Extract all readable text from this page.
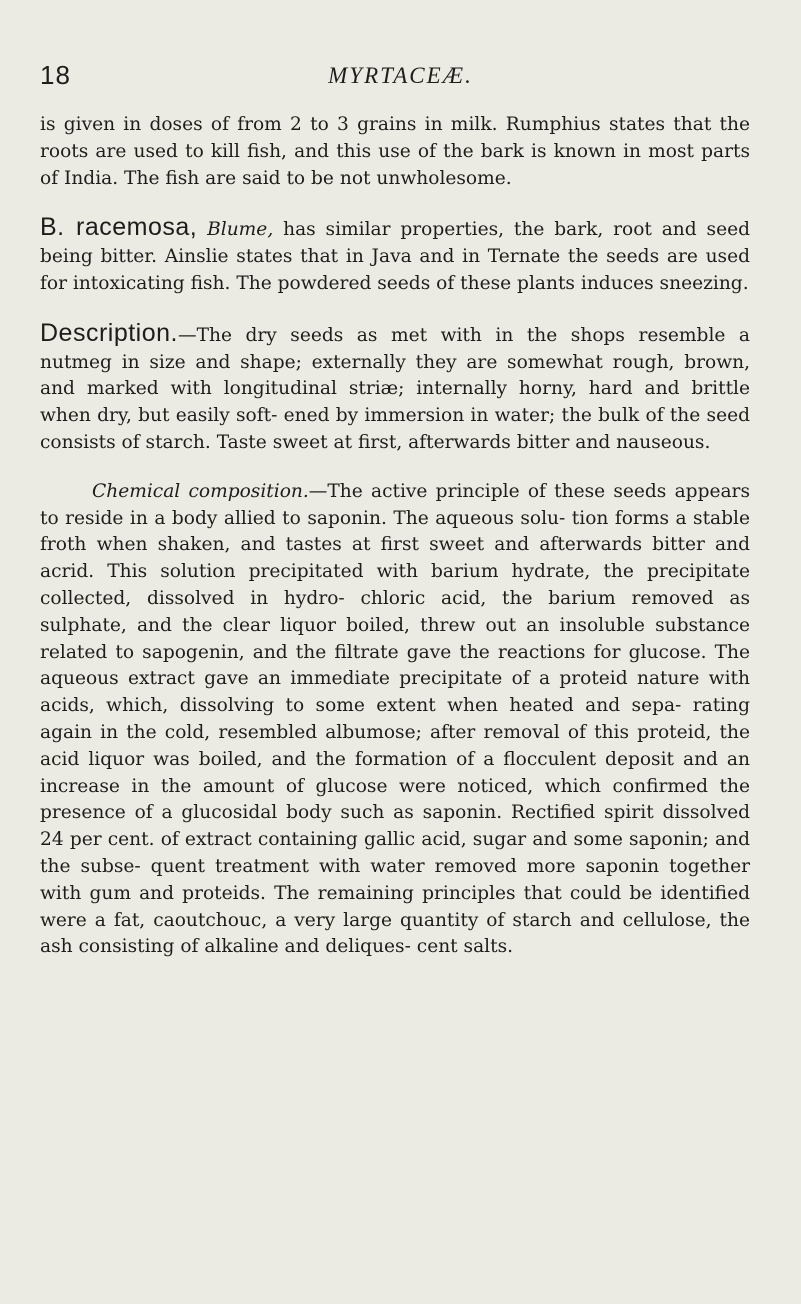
18	MYRTACEÆ.

is given in doses of from 2 to 3 grains in milk. Rumphius states that the roots are used to kill fish, and this use of the bark is known in most parts of India. The fish are said to be not unwholesome.

B. racemosa, Blume, has similar properties, the bark, root and seed being bitter. Ainslie states that in Java and in Ternate the seeds are used for intoxicating fish. The powdered seeds of these plants induces sneezing.

Description.—The dry seeds as met with in the shops resemble a nutmeg in size and shape; externally they are somewhat rough, brown, and marked with longitudinal striæ; internally horny, hard and brittle when dry, but easily soft- ened by immersion in water; the bulk of the seed consists of starch. Taste sweet at first, afterwards bitter and nauseous.

Chemical composition.—The active principle of these seeds appears to reside in a body allied to saponin. The aqueous solu- tion forms a stable froth when shaken, and tastes at first sweet and afterwards bitter and acrid. This solution precipitated with barium hydrate, the precipitate collected, dissolved in hydro- chloric acid, the barium removed as sulphate, and the clear liquor boiled, threw out an insoluble substance related to sapogenin, and the filtrate gave the reactions for glucose. The aqueous extract gave an immediate precipitate of a proteid nature with acids, which, dissolving to some extent when heated and sepa- rating again in the cold, resembled albumose; after removal of this proteid, the acid liquor was boiled, and the formation of a flocculent deposit and an increase in the amount of glucose were noticed, which confirmed the presence of a glucosidal body such as saponin. Rectified spirit dissolved 24 per cent. of extract containing gallic acid, sugar and some saponin; and the subse- quent treatment with water removed more saponin together with gum and proteids. The remaining principles that could be identified were a fat, caoutchouc, a very large quantity of starch and cellulose, the ash consisting of alkaline and deliques- cent salts.
